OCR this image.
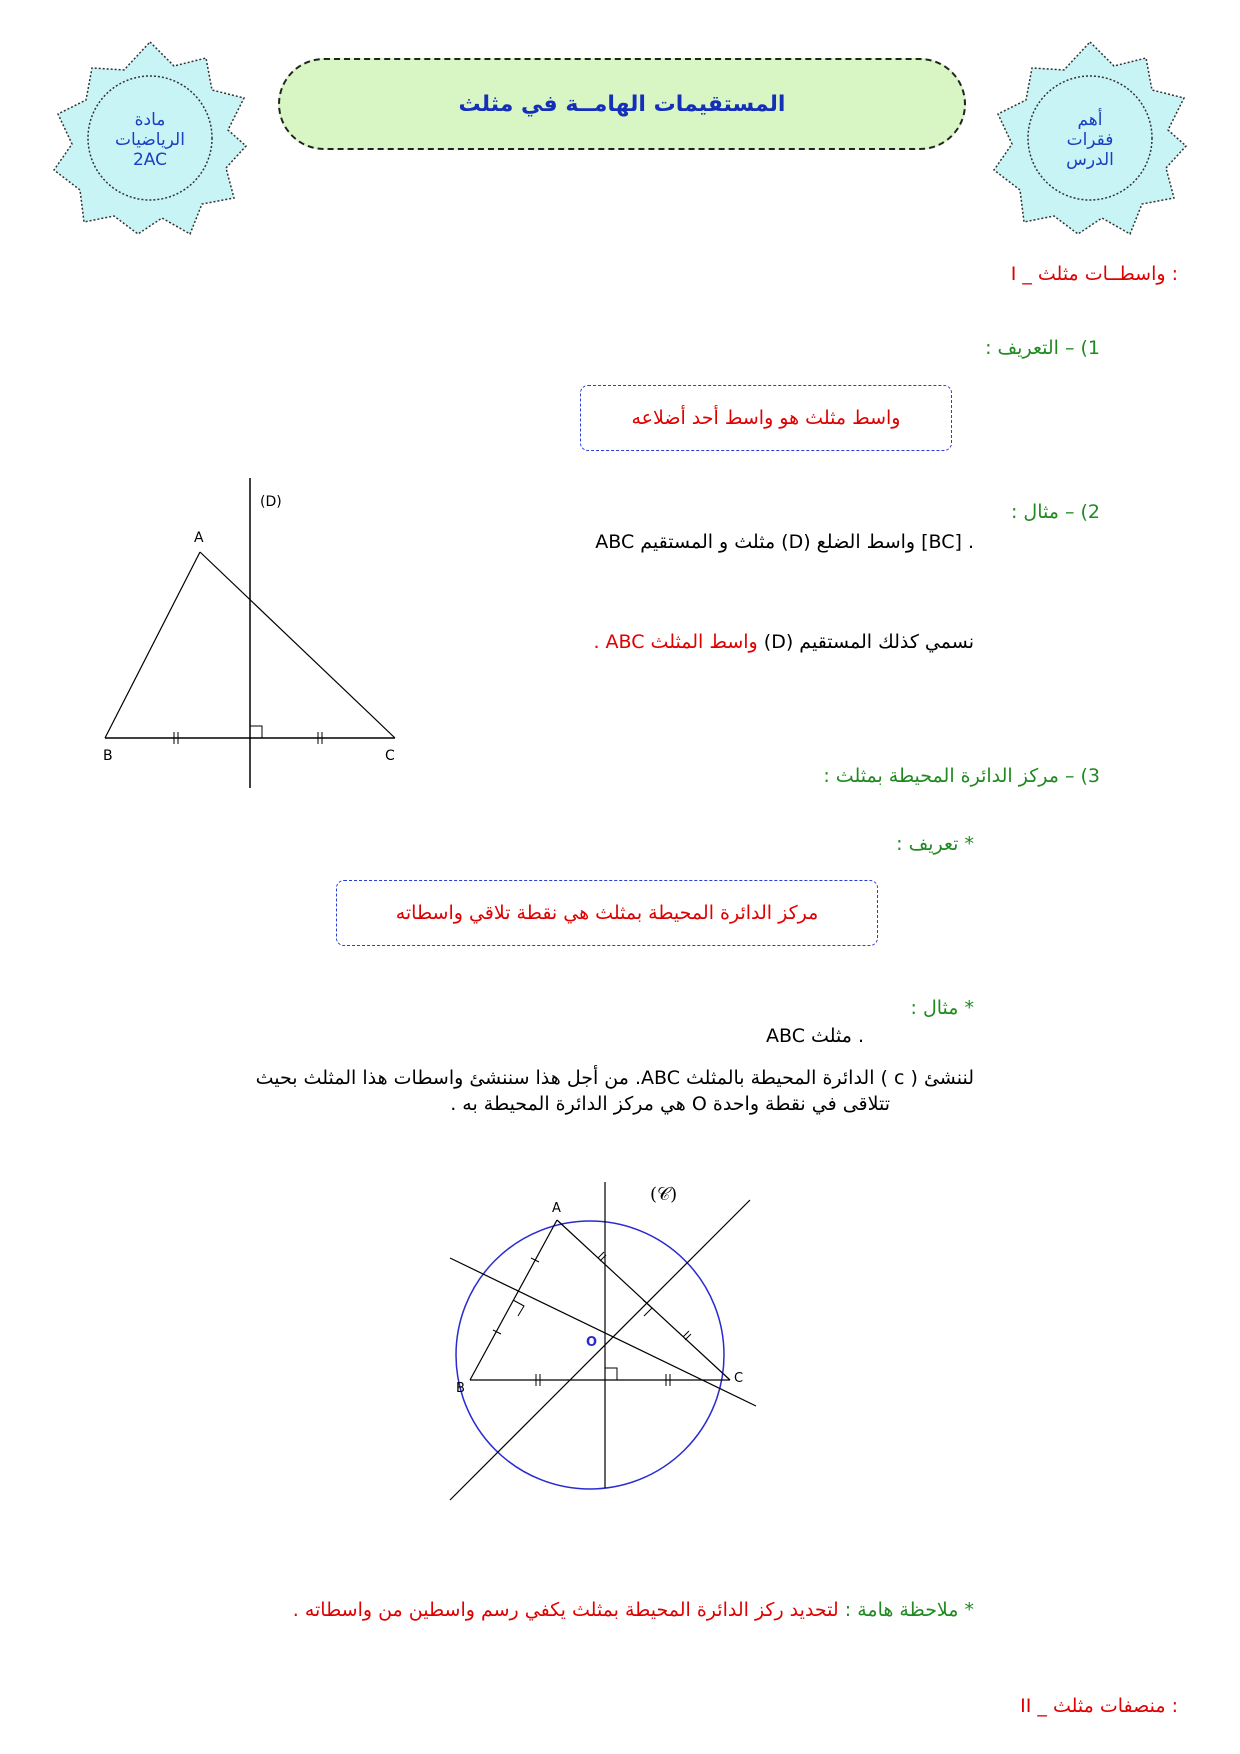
مادة
الرياضيات
2AC
أهم
فقرات
الدرس
المستقيمات الهامــة في مثلث
I _ واسطــات مثلث :
1) – التعريف :
واسط مثلث هو واسط أحد أضلاعه
(D)
A
B	C
2) – مثال :
ABC مثلث و المستقيم (D) واسط الضلع [BC] .
نسمي كذلك المستقيم (D) واسط المثلث ABC .
3) – مركز الدائرة المحيطة بمثلث :
* تعريف :
مركز الدائرة المحيطة بمثلث هي نقطة تلاقي واسطاته
* مثال :
ABC مثلث .
لننشئ ( c ) الدائرة المحيطة بالمثلث ABC. من أجل هذا سننشئ واسطات هذا المثلث بحيث
تتلاقى في نقطة واحدة O هي مركز الدائرة المحيطة به .
A
B
C
O
(𝒞)
* ملاحظة هامة : لتحديد ركز الدائرة المحيطة بمثلث يكفي رسم واسطين من واسطاته .
II _ منصفات مثلث :
